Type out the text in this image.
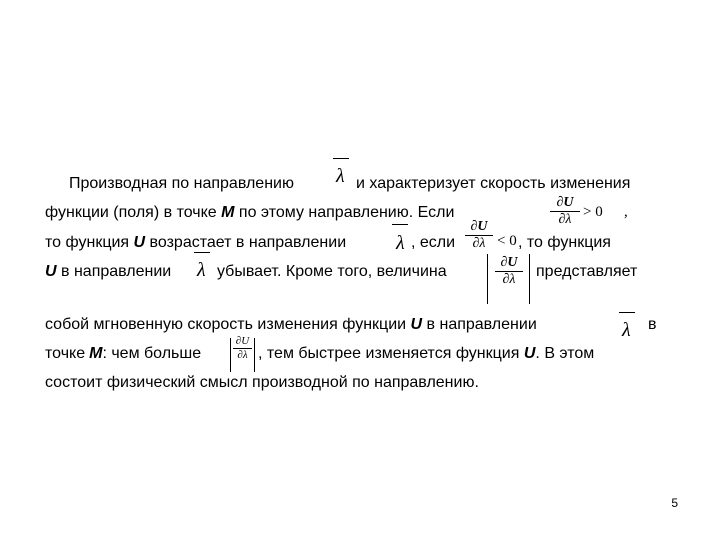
Производная по направлению λ и характеризует скорость изменения
функции (поля) в точке M по этому направлению. Если
∂U
∂λ > 0 ,
то функция U возрастает в направлении λ , если
∂U
∂λ < 0 , то функция
U в направлении λ убывает. Кроме того, величина
∂U
∂λ	представляет
собой мгновенную скорость изменения функции U в направлении	λ в
точке M: чем больше
∂U
∂λ , тем быстрее изменяется функция U. В этом
состоит физический смысл производной по направлению.
5
